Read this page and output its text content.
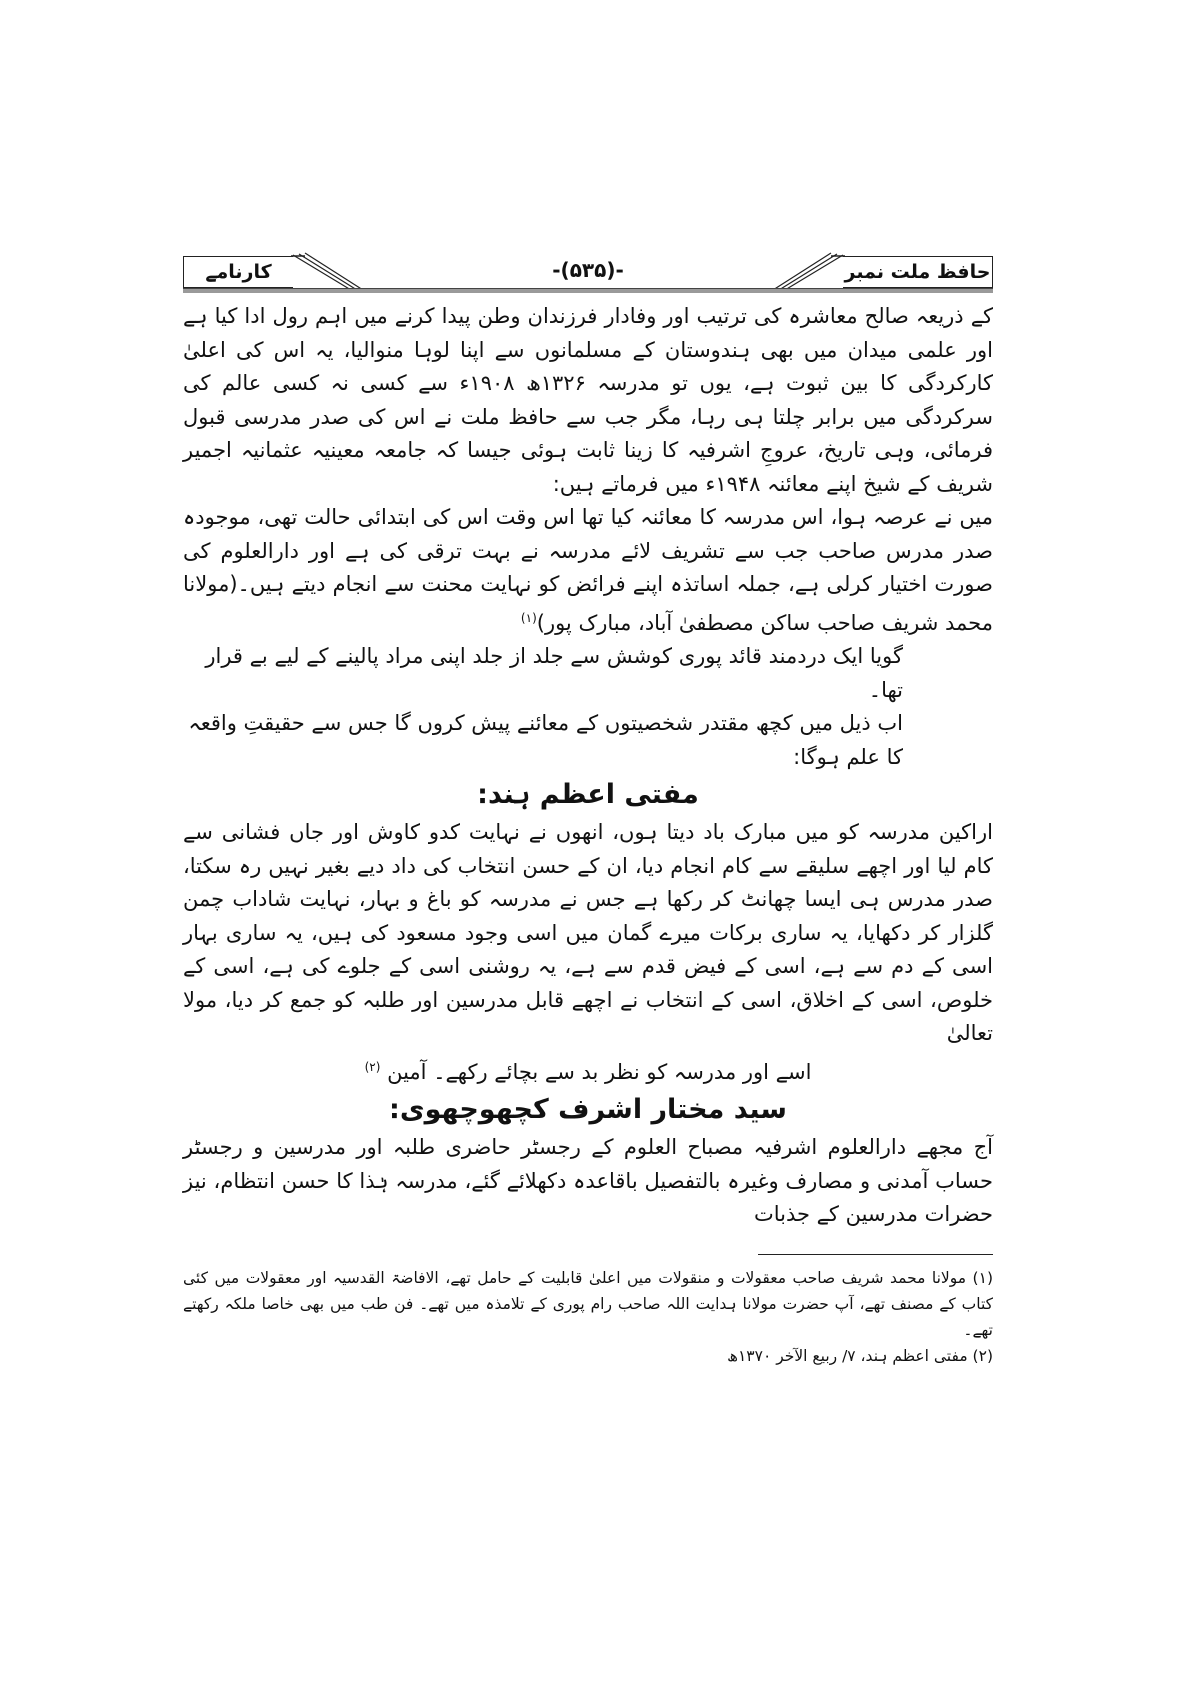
کارنامے	-(۵۳۵)-	حافظ ملت نمبر

کے ذریعہ صالح معاشرہ کی ترتیب اور وفادار فرزندان وطن پیدا کرنے میں اہم رول ادا کیا ہے اور علمی میدان میں بھی ہندوستان کے مسلمانوں سے اپنا لوہا منوالیا، یہ اس کی اعلیٰ کارکردگی کا بین ثبوت ہے، یوں تو مدرسہ ۱۳۲۶ھ ۱۹۰۸ء سے کسی نہ کسی عالم کی سرکردگی میں برابر چلتا ہی رہا، مگر جب سے حافظ ملت نے اس کی صدر مدرسی قبول فرمائی، وہی تاریخ، عروجِ اشرفیہ کا زینا ثابت ہوئی جیسا کہ جامعہ معینیہ عثمانیہ اجمیر شریف کے شیخ اپنے معائنہ ۱۹۴۸ء میں فرماتے ہیں:

میں نے عرصہ ہوا، اس مدرسہ کا معائنہ کیا تھا اس وقت اس کی ابتدائی حالت تھی، موجودہ صدر مدرس صاحب جب سے تشریف لائے مدرسہ نے بہت ترقی کی ہے اور دارالعلوم کی صورت اختیار کرلی ہے، جملہ اساتذہ اپنے فرائض کو نہایت محنت سے انجام دیتے ہیں۔(مولانا محمد شریف صاحب ساکن مصطفیٰ آباد، مبارک پور)$^{(۱)}$

گویا ایک دردمند قائد پوری کوشش سے جلد از جلد اپنی مراد پالینے کے لیے بے قرار تھا۔

اب ذیل میں کچھ مقتدر شخصیتوں کے معائنے پیش کروں گا جس سے حقیقتِ واقعہ کا علم ہوگا:

مفتی اعظم ہند:

اراکین مدرسہ کو میں مبارک باد دیتا ہوں، انھوں نے نہایت کدو کاوش اور جاں فشانی سے کام لیا اور اچھے سلیقے سے کام انجام دیا، ان کے حسن انتخاب کی داد دیے بغیر نہیں رہ سکتا، صدر مدرس ہی ایسا چھانٹ کر رکھا ہے جس نے مدرسہ کو باغ و بہار، نہایت شاداب چمن گلزار کر دکھایا، یہ ساری برکات میرے گمان میں اسی وجود مسعود کی ہیں، یہ ساری بہار اسی کے دم سے ہے، اسی کے فیض قدم سے ہے، یہ روشنی اسی کے جلوے کی ہے، اسی کے خلوص، اسی کے اخلاق، اسی کے انتخاب نے اچھے قابل مدرسین اور طلبہ کو جمع کر دیا، مولا تعالیٰ

اسے اور مدرسہ کو نظر بد سے بچائے رکھے۔ آمین $^{(۲)}$

سید مختار اشرف کچھوچھوی:

آج مجھے دارالعلوم اشرفیہ مصباح العلوم کے رجسٹر حاضری طلبہ اور مدرسین و رجسٹر حساب آمدنی و مصارف وغیرہ بالتفصیل باقاعدہ دکھلائے گئے، مدرسہ ہٰذا کا حسن انتظام، نیز حضرات مدرسین کے جذبات

(۱) مولانا محمد شریف صاحب معقولات و منقولات میں اعلیٰ قابلیت کے حامل تھے، الافاضۃ القدسیہ اور معقولات میں کئی کتاب کے مصنف تھے، آپ حضرت مولانا ہدایت اللہ صاحب رام پوری کے تلامذہ میں تھے۔ فن طب میں بھی خاصا ملکہ رکھتے تھے۔

(۲) مفتی اعظم ہند، ۷/ ربیع الآخر ۱۳۷۰ھ
